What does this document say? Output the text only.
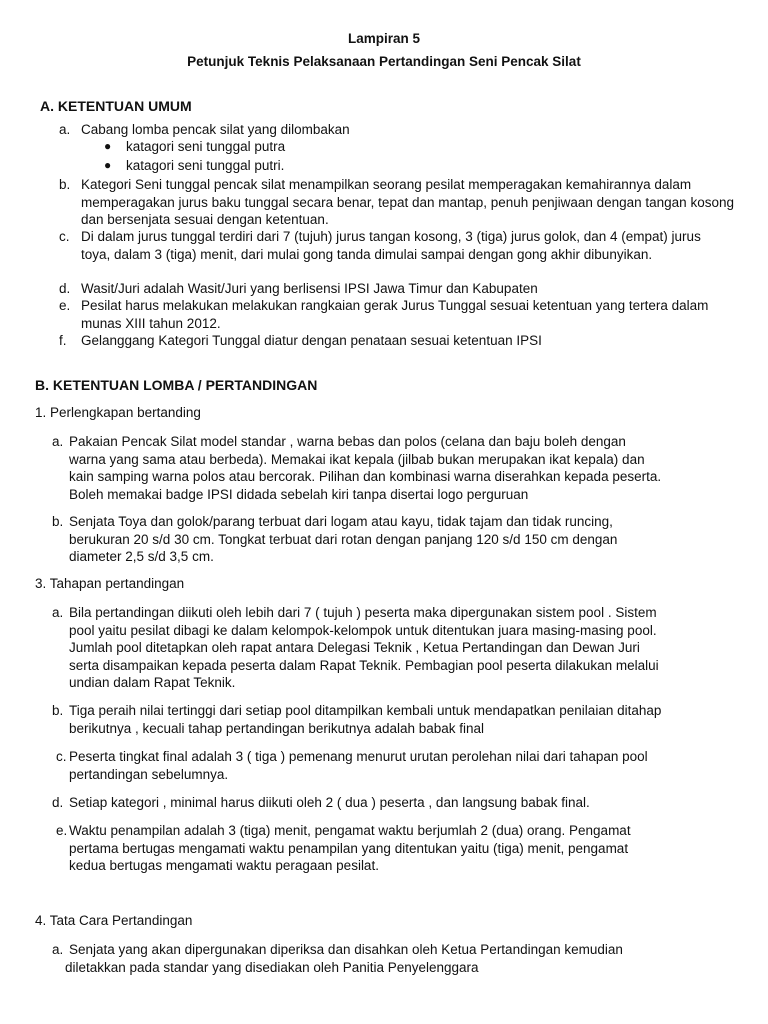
Lampiran 5
Petunjuk Teknis Pelaksanaan Pertandingan Seni Pencak Silat
A. KETENTUAN UMUM
a. Cabang lomba pencak silat yang dilombakan
● katagori seni tunggal putra
● katagori seni tunggal putri.
b. Kategori Seni tunggal pencak silat menampilkan seorang pesilat memperagakan kemahirannya dalam memperagakan jurus baku tunggal secara benar, tepat dan mantap, penuh penjiwaan dengan tangan kosong dan bersenjata sesuai dengan ketentuan.
c. Di dalam jurus tunggal terdiri dari 7 (tujuh) jurus tangan kosong, 3 (tiga) jurus golok, dan 4 (empat) jurus toya, dalam 3 (tiga) menit, dari mulai gong tanda dimulai sampai dengan gong akhir dibunyikan.
d. Wasit/Juri adalah Wasit/Juri yang berlisensi IPSI Jawa Timur dan Kabupaten
e. Pesilat harus melakukan melakukan rangkaian gerak Jurus Tunggal sesuai ketentuan yang tertera dalam munas XIII tahun 2012.
f. Gelanggang Kategori Tunggal diatur dengan penataan sesuai ketentuan IPSI
B. KETENTUAN LOMBA / PERTANDINGAN
1. Perlengkapan bertanding
a. Pakaian Pencak Silat model standar , warna bebas dan polos (celana dan baju boleh dengan
warna yang sama atau berbeda). Memakai ikat kepala (jilbab bukan merupakan ikat kepala) dan
kain samping warna polos atau bercorak. Pilihan dan kombinasi warna diserahkan kepada peserta.
Boleh memakai badge IPSI didada sebelah kiri tanpa disertai logo perguruan
b. Senjata Toya dan golok/parang terbuat dari logam atau kayu, tidak tajam dan tidak runcing,
berukuran 20 s/d 30 cm. Tongkat terbuat dari rotan dengan panjang 120 s/d 150 cm dengan
diameter 2,5 s/d 3,5 cm.
3. Tahapan pertandingan
a. Bila pertandingan diikuti oleh lebih dari 7 ( tujuh ) peserta maka dipergunakan sistem pool . Sistem
pool yaitu pesilat dibagi ke dalam kelompok-kelompok untuk ditentukan juara masing-masing pool.
Jumlah pool ditetapkan oleh rapat antara Delegasi Teknik , Ketua Pertandingan dan Dewan Juri
serta disampaikan kepada peserta dalam Rapat Teknik. Pembagian pool peserta dilakukan melalui
undian dalam Rapat Teknik.
b. Tiga peraih nilai tertinggi dari setiap pool ditampilkan kembali untuk mendapatkan penilaian ditahap
berikutnya , kecuali tahap pertandingan berikutnya adalah babak final
c. Peserta tingkat final adalah 3 ( tiga ) pemenang menurut urutan perolehan nilai dari tahapan pool
pertandingan sebelumnya.
d. Setiap kategori , minimal harus diikuti oleh 2 ( dua ) peserta , dan langsung babak final.
e. Waktu penampilan adalah 3 (tiga) menit, pengamat waktu berjumlah 2 (dua) orang. Pengamat
pertama bertugas mengamati waktu penampilan yang ditentukan yaitu (tiga) menit, pengamat
kedua bertugas mengamati waktu peragaan pesilat.
4. Tata Cara Pertandingan
a. Senjata yang akan dipergunakan diperiksa dan disahkan oleh Ketua Pertandingan kemudian
diletakkan pada standar yang disediakan oleh Panitia Penyelenggara
